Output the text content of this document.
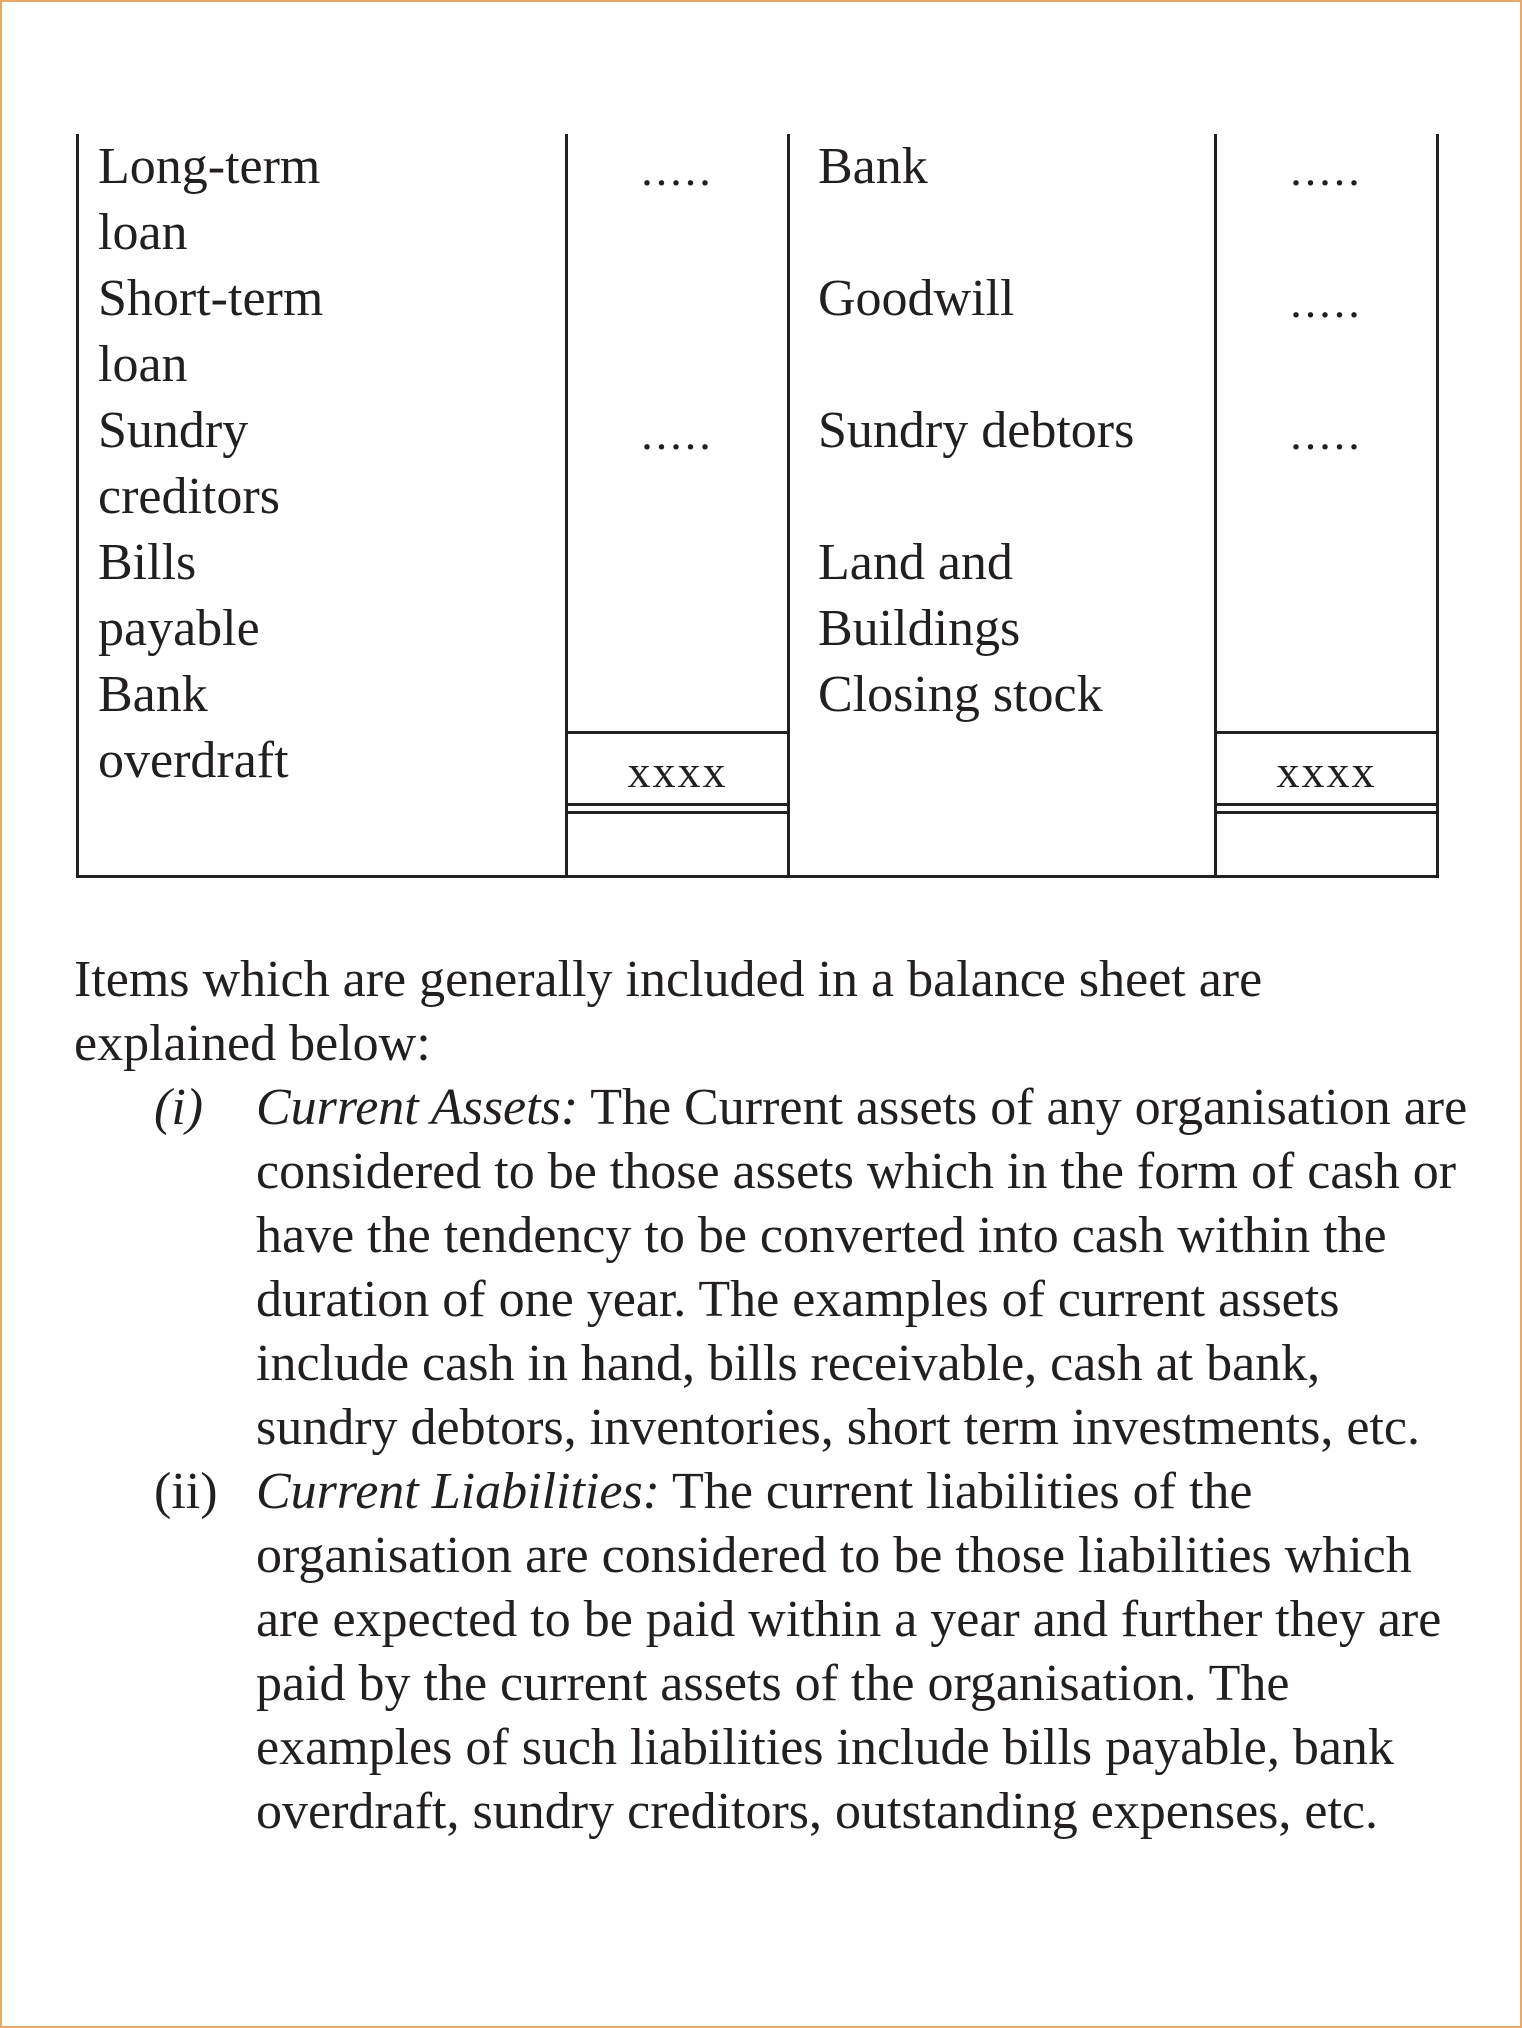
Long-term
loan
Short-term
loan
Sundry
creditors
Bills
payable
Bank
overdraft
.....
.....
xxxx
Bank
Goodwill
Sundry debtors
Land and
Buildings
Closing stock
.....
.....
.....
xxxx

Items which are generally included in a balance sheet are explained below:

(i) Current Assets: The Current assets of any organisation are considered to be those assets which in the form of cash or have the tendency to be converted into cash within the duration of one year. The examples of current assets include cash in hand, bills receivable, cash at bank, sundry debtors, inventories, short term investments, etc.
(ii) Current Liabilities: The current liabilities of the organisation are considered to be those liabilities which are expected to be paid within a year and further they are paid by the current assets of the organisation. The examples of such liabilities include bills payable, bank overdraft, sundry creditors, outstanding expenses, etc.
